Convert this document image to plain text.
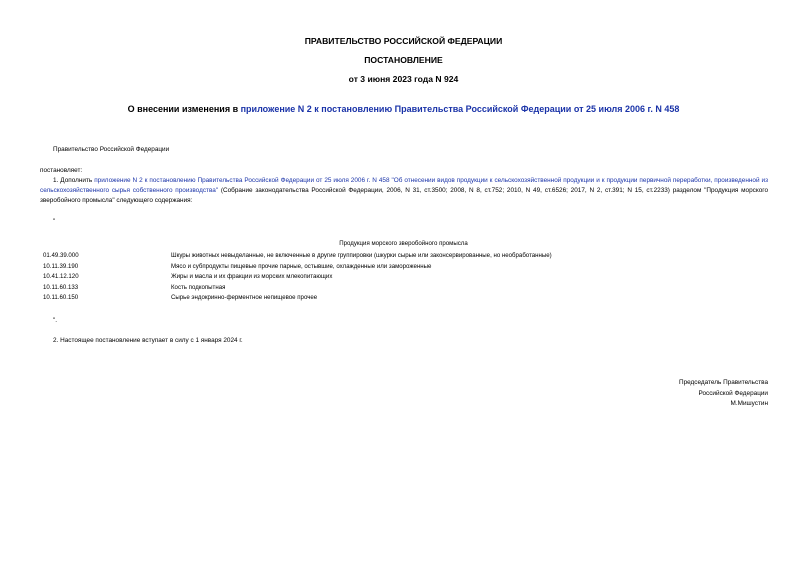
ПРАВИТЕЛЬСТВО РОССИЙСКОЙ ФЕДЕРАЦИИ

ПОСТАНОВЛЕНИЕ

от 3 июня 2023 года N 924

О внесении изменения в приложение N 2 к постановлению Правительства Российской Федерации от 25 июля 2006 г. N 458

Правительство Российской Федерации

постановляет:

1. Дополнить приложение N 2 к постановлению Правительства Российской Федерации от 25 июля 2006 г. N 458 "Об отнесении видов продукции к сельскохозяйственной продукции и к продукции первичной переработки, произведенной из сельскохозяйственного сырья собственного производства" (Собрание законодательства Российской Федерации, 2006, N 31, ст.3500; 2008, N 8, ст.752; 2010, N 49, ст.6526; 2017, N 2, ст.391; N 15, ст.2233) разделом "Продукция морского зверобойного промысла" следующего содержания:

"

Продукция морского зверобойного промысла

01.49.39.000	Шкуры животных невыделанные, не включенные в другие группировки (шкурки сырые или законсервированные, но необработанные)
10.11.39.190	Мясо и субпродукты пищевые прочие парные, остывшие, охлажденные или замороженные
10.41.12.120	Жиры и масла и их фракции из морских млекопитающих
10.11.60.133	Кость подкопытная
10.11.60.150	Сырье эндокринно-ферментное непищевое прочее

".

2. Настоящее постановление вступает в силу с 1 января 2024 г.

Председатель Правительства
Российской Федерации
М.Мишустин
